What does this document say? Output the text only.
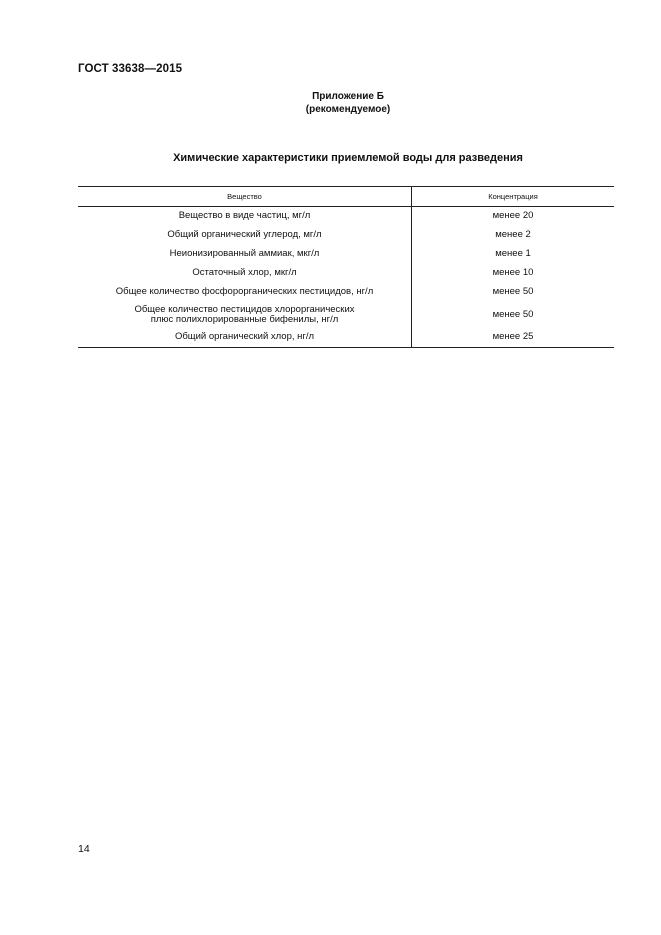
ГОСТ 33638—2015
Приложение Б
(рекомендуемое)
Химические характеристики приемлемой воды для разведения
Вещество	Концентрация
Вещество в виде частиц, мг/л	менее 20
Общий органический углерод, мг/л	менее 2
Неионизированный аммиак, мкг/л	менее 1
Остаточный хлор, мкг/л	менее 10
Общее количество фосфорорганических пестицидов, нг/л	менее 50

Общее количество пестицидов хлорорганических
плюс полихлорированные бифенилы, нг/л	менее 50
Общий органический хлор, нг/л	менее 25
14
